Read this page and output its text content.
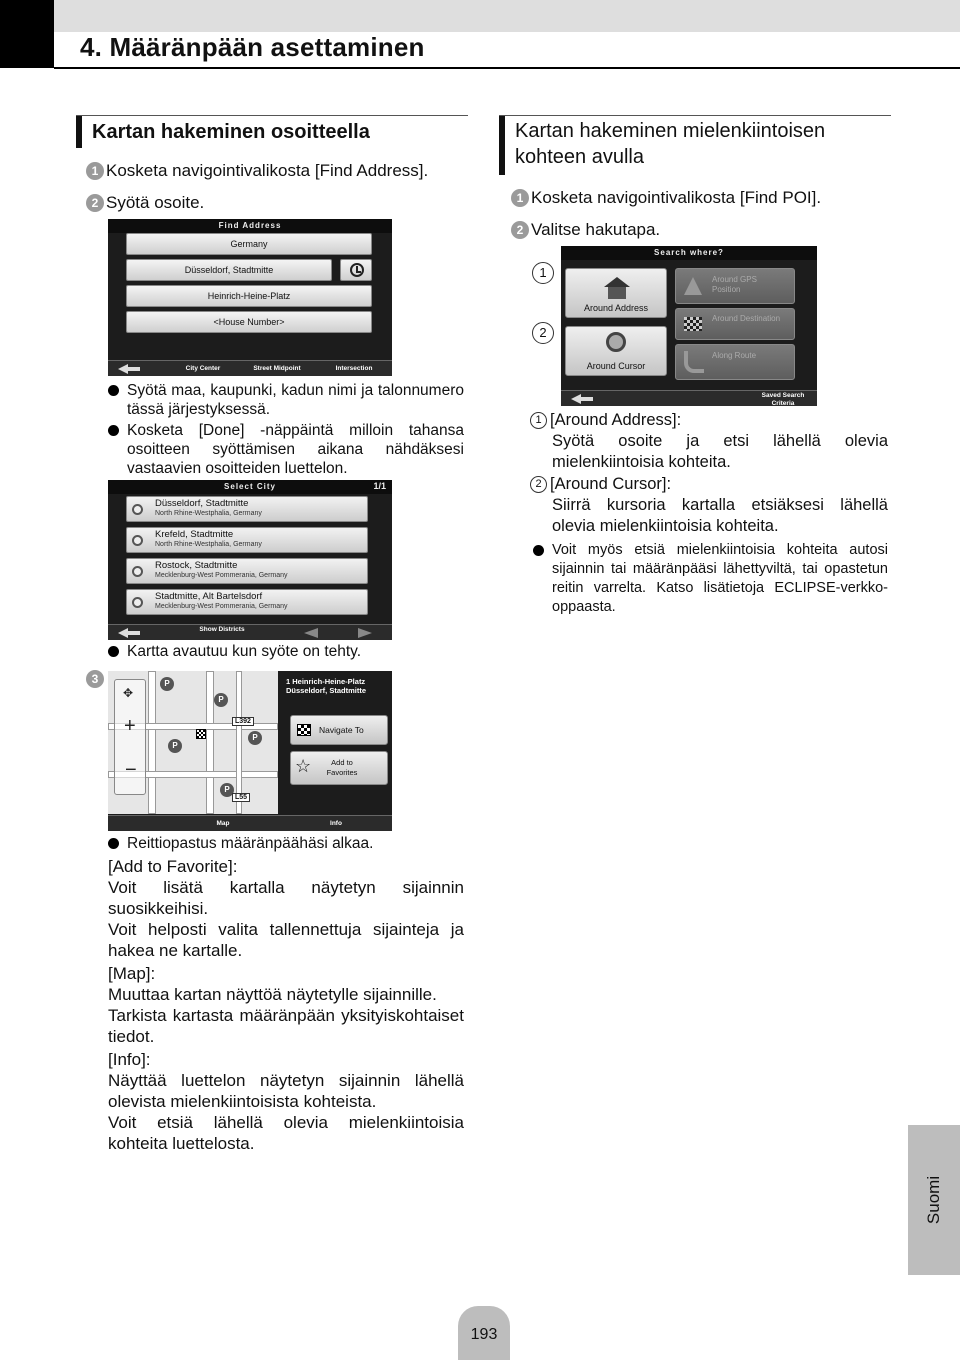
4. Määränpään asettaminen
Kartan hakeminen osoitteella
1 Kosketa navigointivalikosta [Find Address].
2 Syötä osoite.
Find Address
Germany
Düsseldorf, Stadtmitte
Heinrich-Heine-Platz
<House Number>
City Center	Street Midpoint	Intersection
Syötä maa, kaupunki, kadun nimi ja talonnumero tässä järjestyksessä.
Kosketa [Done] -näppäintä milloin tahansa osoitteen syöttämisen aikana nähdäksesi vastaavien osoitteiden luettelon.
Select City	1/1
Düsseldorf, Stadtmitte
North Rhine-Westphalia, Germany
Krefeld, Stadtmitte
North Rhine-Westphalia, Germany
Rostock, Stadtmitte
Mecklenburg-West Pommerania, Germany
Stadtmitte, Alt Bartelsdorf
Mecklenburg-West Pommerania, Germany
Show Districts
Kartta avautuu kun syöte on tehty.
3	P
P
P
P
P
L392
L55
✥
+
−
1 Heinrich-Heine-Platz
Düsseldorf, Stadtmitte
Navigate To
☆	Add to Favorites
Map	Info
Reittiopastus määränpäähäsi alkaa.

[Add to Favorite]:

Voit lisätä kartalla näytetyn sijainnin suosikkeihisi.

Voit helposti valita tallennettuja sijainteja ja hakea ne kartalle.

[Map]:

Muuttaa kartan näyttöä näytetylle sijainnille.

Tarkista kartasta määränpään yksityiskohtaiset tiedot.

[Info]:

Näyttää luettelon näytetyn sijainnin lähellä olevista mielenkiintoisista kohteista.

Voit etsiä lähellä olevia mielenkiintoisia kohteita luettelosta.

Kartan hakeminen mielenkiintoisen
kohteen avulla
1 Kosketa navigointivalikosta [Find POI].
2 Valitse hakutapa.
1
2
Search where?
Around Address
Around GPS Position
Around Destination
Around Cursor
Along Route
Saved Search Criteria

1 [Around Address]:

Syötä osoite ja etsi lähellä olevia mielenkiintoisia kohteita.

2 [Around Cursor]:

Siirrä kursoria kartalla etsiäksesi lähellä olevia mielenkiintoisia kohteita.

Voit myös etsiä mielenkiintoisia kohteita autosi sijainnin tai määränpääsi lähettyviltä, tai opastetun reitin varrelta. Katso lisätietoja ECLIPSE-verkko-oppaasta.
Suomi
193
